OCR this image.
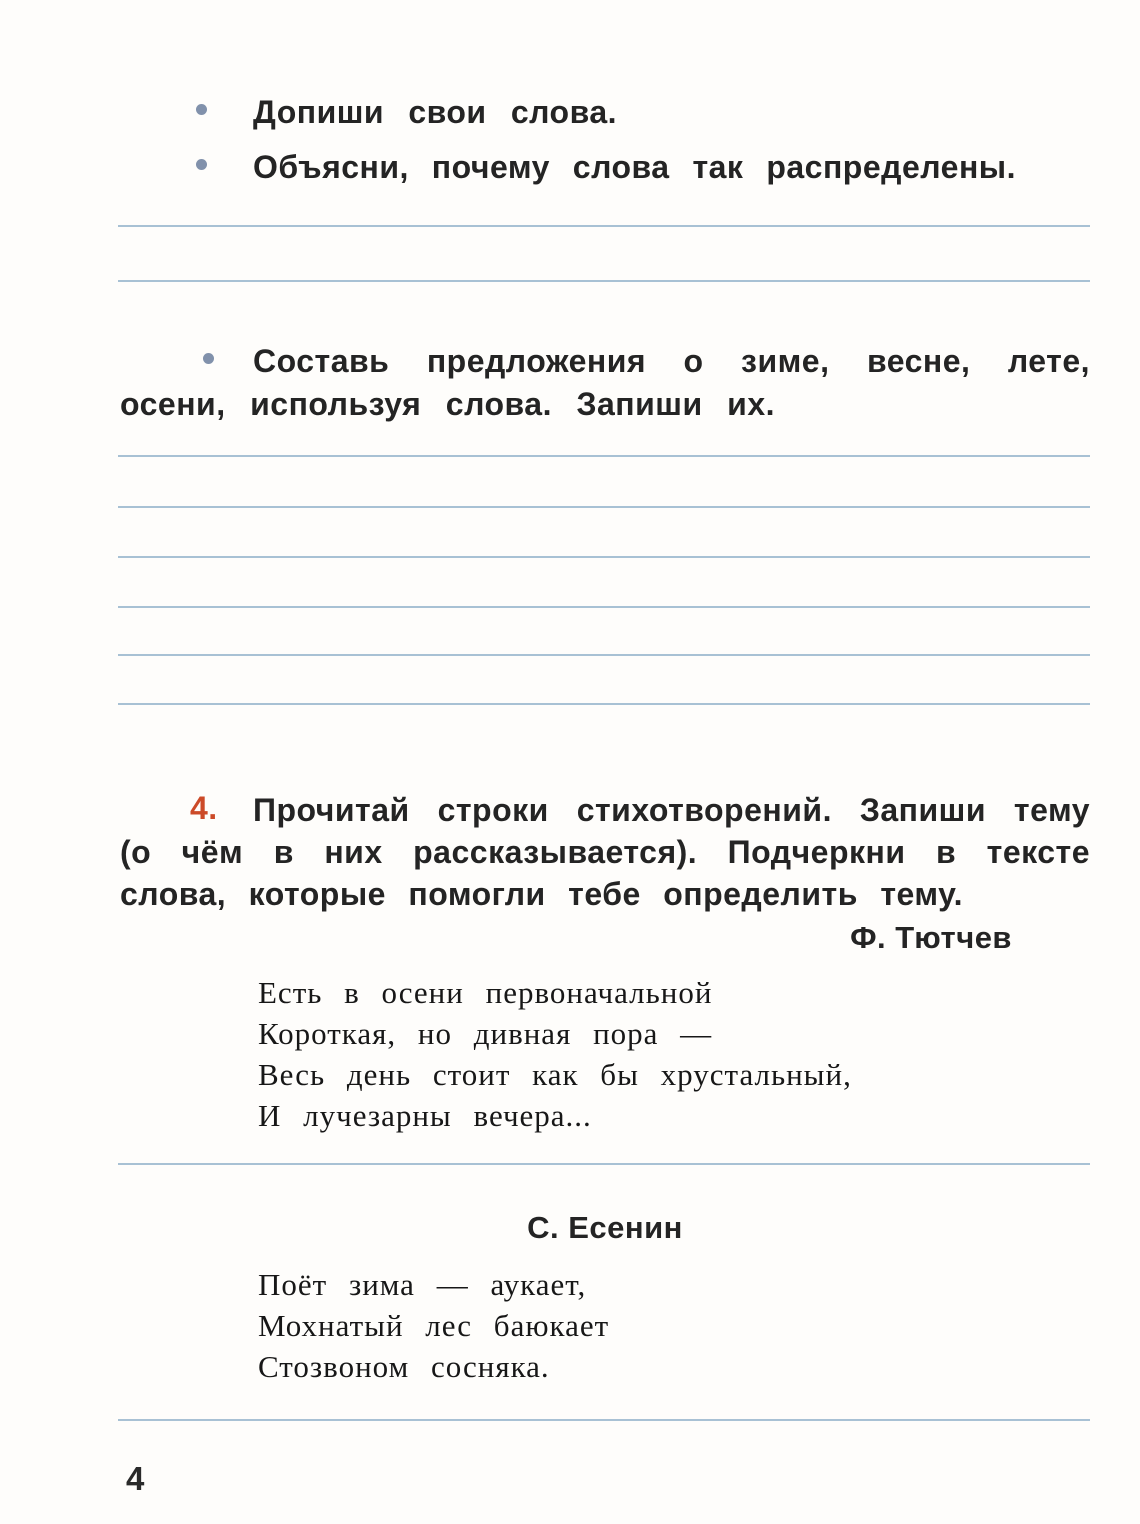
Допиши свои слова.
Объясни, почему слова так распределены.
Составь предложения о зиме, весне, лете,
осени, используя слова. Запиши их.
4. Прочитай строки стихотворений. Запиши тему
(о чём в них рассказывается). Подчеркни в тексте
слова, которые помогли тебе определить тему.
Ф. Тютчев
Есть в осени первоначальной
Короткая, но дивная пора —
Весь день стоит как бы хрустальный,
И лучезарны вечера...
С. Есенин
Поёт зима — аукает,
Мохнатый лес баюкает
Стозвоном сосняка.
4
